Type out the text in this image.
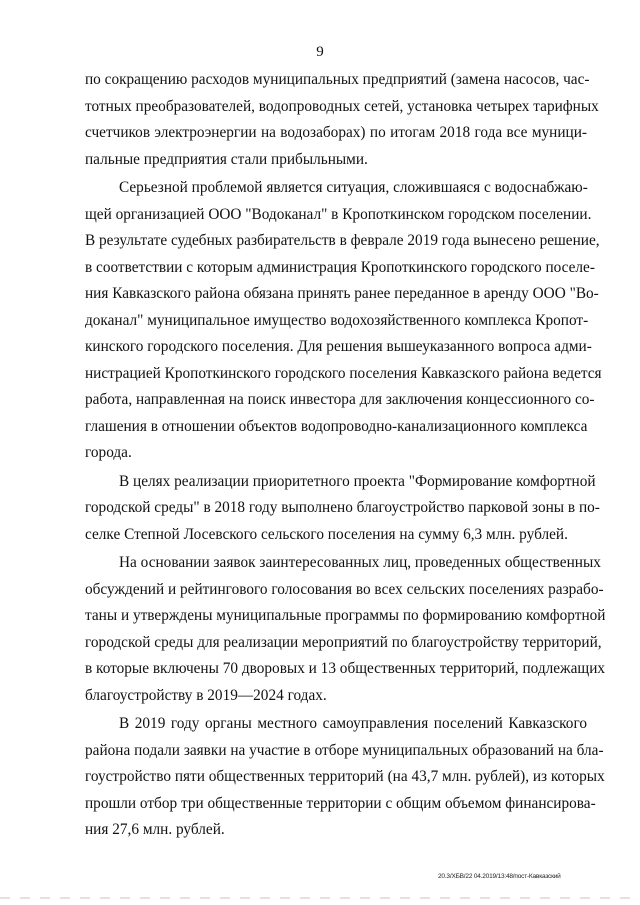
9

по сокращению расходов муниципальных предприятий (замена насосов, час-
тотных преобразователей, водопроводных сетей, установка четырех тарифных
счетчиков электроэнергии на водозаборах) по итогам 2018 года все муници-
пальные предприятия стали прибыльными.

Серьезной проблемой является ситуация, сложившаяся с водоснабжаю-
щей организацией ООО "Водоканал" в Кропоткинском городском поселении.
В результате судебных разбирательств в феврале 2019 года вынесено решение,
в соответствии с которым администрация Кропоткинского городского поселе-
ния Кавказского района обязана принять ранее переданное в аренду ООО "Во-
доканал" муниципальное имущество водохозяйственного комплекса Кропот-
кинского городского поселения. Для решения вышеуказанного вопроса адми-
нистрацией Кропоткинского городского поселения Кавказского района ведется
работа, направленная на поиск инвестора для заключения концессионного со-
глашения в отношении объектов водопроводно-канализационного комплекса
города.

В целях реализации приоритетного проекта "Формирование комфортной
городской среды" в 2018 году выполнено благоустройство парковой зоны в по-
селке Степной Лосевского сельского поселения на сумму 6,3 млн. рублей.

На основании заявок заинтересованных лиц, проведенных общественных
обсуждений и рейтингового голосования во всех сельских поселениях разрабо-
таны и утверждены муниципальные программы по формированию комфортной
городской среды для реализации мероприятий по благоустройству территорий,
в которые включены 70 дворовых и 13 общественных территорий, подлежащих
благоустройству в 2019—2024 годах.

В 2019 году органы местного самоуправления поселений Кавказского
района подали заявки на участие в отборе муниципальных образований на бла-
гоустройство пяти общественных территорий (на 43,7 млн. рублей), из которых
прошли отбор три общественные территории с общим объемом финансирова-
ния 27,6 млн. рублей.

20.3/ХБВ/22 04.2019/13:48/пост-Кавказский
